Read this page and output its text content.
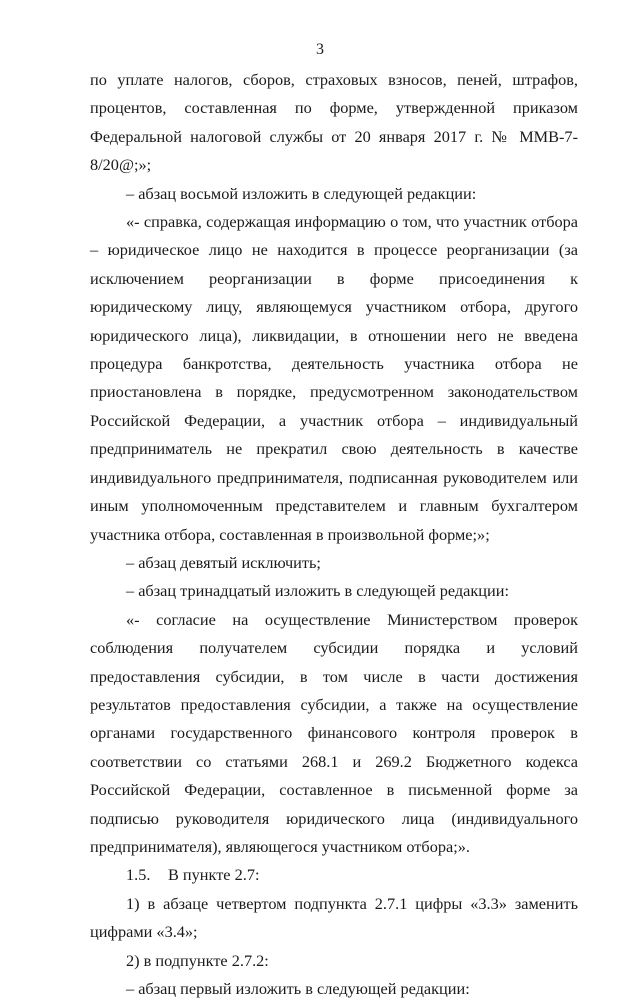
3

по уплате налогов, сборов, страховых взносов, пеней, штрафов, процентов, составленная по форме, утвержденной приказом Федеральной налоговой службы от 20 января 2017 г. № ММВ-7-8/20@;»;

– абзац восьмой изложить в следующей редакции:

«- справка, содержащая информацию о том, что участник отбора – юридическое лицо не находится в процессе реорганизации (за исключением реорганизации в форме присоединения к юридическому лицу, являющемуся участником отбора, другого юридического лица), ликвидации, в отношении него не введена процедура банкротства, деятельность участника отбора не приостановлена в порядке, предусмотренном законодательством Российской Федерации, а участник отбора – индивидуальный предприниматель не прекратил свою деятельность в качестве индивидуального предпринимателя, подписанная руководителем или иным уполномоченным представителем и главным бухгалтером участника отбора, составленная в произвольной форме;»;

– абзац девятый исключить;

– абзац тринадцатый изложить в следующей редакции:

«- согласие на осуществление Министерством проверок соблюдения получателем субсидии порядка и условий предоставления субсидии, в том числе в части достижения результатов предоставления субсидии, а также на осуществление органами государственного финансового контроля проверок в соответствии со статьями 268.1 и 269.2 Бюджетного кодекса Российской Федерации, составленное в письменной форме за подписью руководителя юридического лица (индивидуального предпринимателя), являющегося участником отбора;».

1.5. В пункте 2.7:

1) в абзаце четвертом подпункта 2.7.1 цифры «3.3» заменить цифрами «3.4»;

2) в подпункте 2.7.2:

– абзац первый изложить в следующей редакции:
